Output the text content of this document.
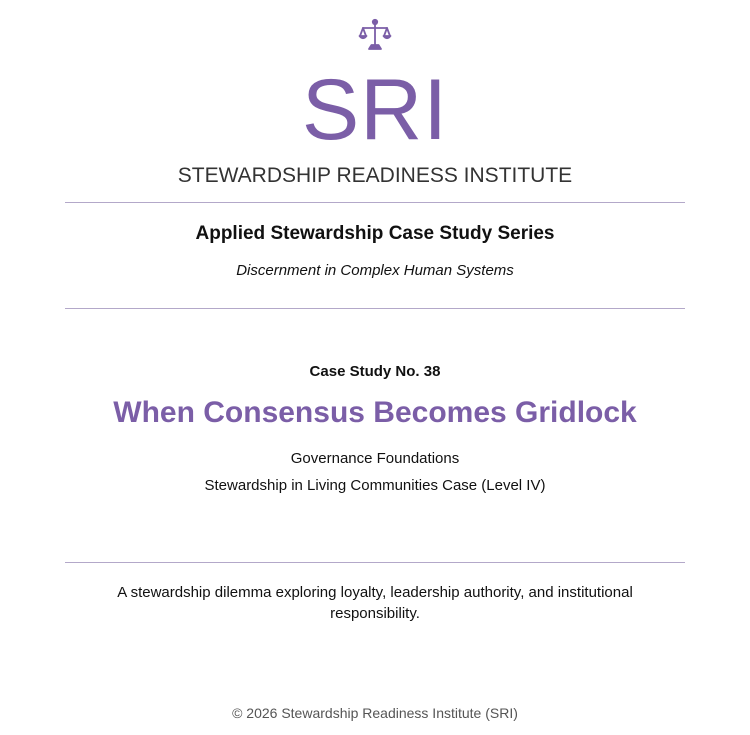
SRI
STEWARDSHIP READINESS INSTITUTE
Applied Stewardship Case Study Series
Discernment in Complex Human Systems
Case Study No. 38
When Consensus Becomes Gridlock
Governance Foundations
Stewardship in Living Communities Case (Level IV)
A stewardship dilemma exploring loyalty, leadership authority, and institutional responsibility.
© 2026 Stewardship Readiness Institute (SRI)
